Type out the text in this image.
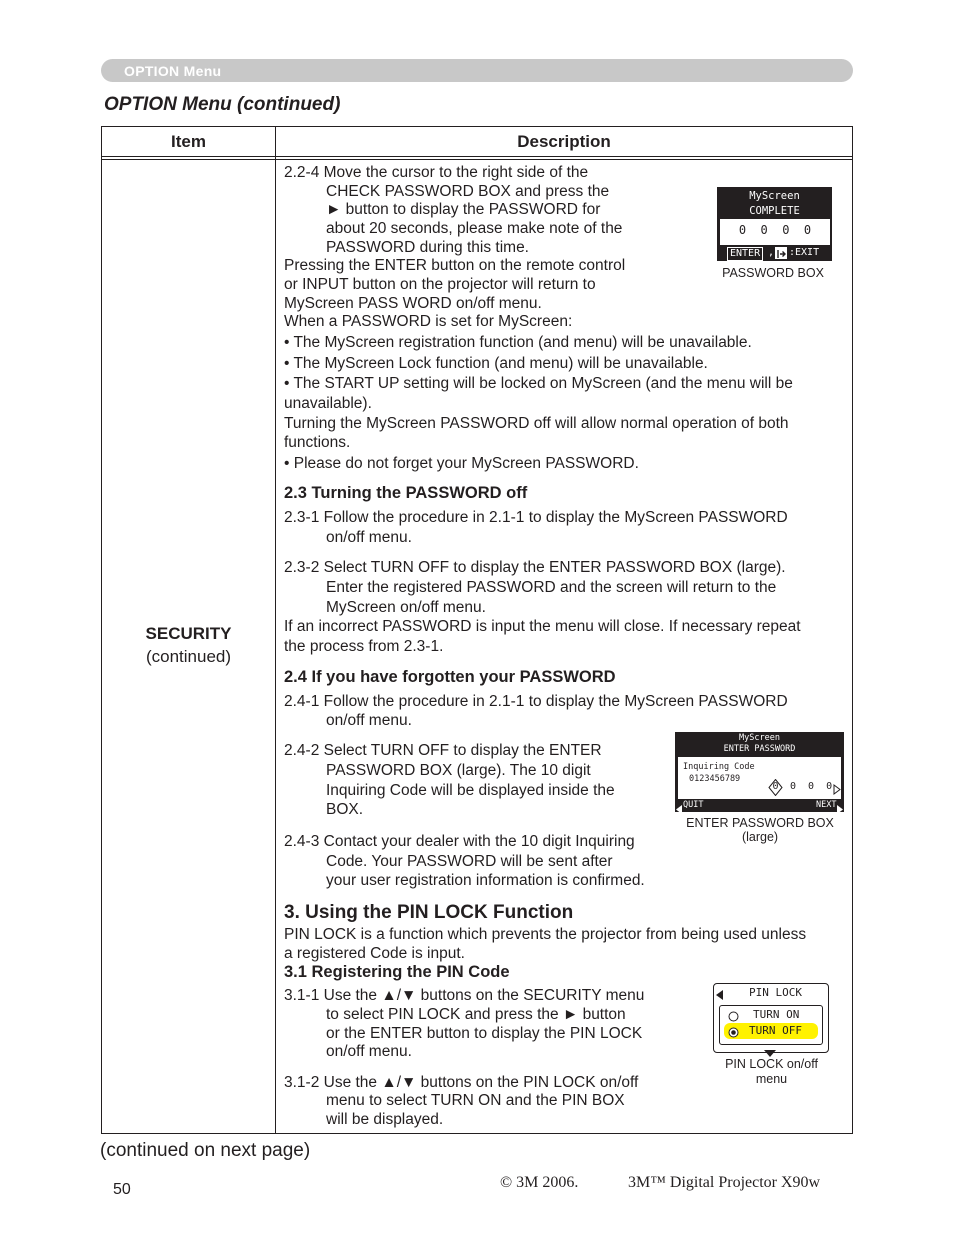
OPTION Menu
OPTION Menu (continued)
Item	Description
SECURITY
(continued)
2.2-4 Move the cursor to the right side of the
CHECK PASSWORD BOX and press the
► button to display the PASSWORD for
about 20 seconds, please make note of the
PASSWORD during this time.
Pressing the ENTER button on the remote control
or INPUT button on the projector will return to
MyScreen PASS WORD on/off menu.
When a PASSWORD is set for MyScreen:
• The MyScreen registration function (and menu) will be unavailable.
• The MyScreen Lock function (and menu) will be unavailable.
• The START UP setting will be locked on MyScreen (and the menu will be
unavailable).
Turning the MyScreen PASSWORD off will allow normal operation of both
functions.
• Please do not forget your MyScreen PASSWORD.
2.3 Turning the PASSWORD off
2.3-1 Follow the procedure in 2.1-1 to display the MyScreen PASSWORD
on/off menu.
2.3-2 Select TURN OFF to display the ENTER PASSWORD BOX (large).
Enter the registered PASSWORD and the screen will return to the
MyScreen on/off menu.
If an incorrect PASSWORD is input the menu will close. If necessary repeat
the process from 2.3-1.
2.4 If you have forgotten your PASSWORD
2.4-1 Follow the procedure in 2.1-1 to display the MyScreen PASSWORD
on/off menu.
2.4-2 Select TURN OFF to display the ENTER
PASSWORD BOX (large). The 10 digit
Inquiring Code will be displayed inside the
BOX.
2.4-3 Contact your dealer with the 10 digit Inquiring
Code. Your PASSWORD will be sent after
your user registration information is confirmed.
3. Using the PIN LOCK Function
PIN LOCK is a function which prevents the projector from being used unless
a registered Code is input.
3.1 Registering the PIN Code
3.1-1 Use the ▲/▼ buttons on the SECURITY menu
to select PIN LOCK and press the ► button
or the ENTER button to display the PIN LOCK
on/off menu.
3.1-2 Use the ▲/▼ buttons on the PIN LOCK on/off
menu to select TURN ON and the PIN BOX
will be displayed.
MyScreen
COMPLETE
0  0  0  0
ENTER , :EXIT
PASSWORD BOX
MyScreen
ENTER PASSWORD
Inquiring Code
0123456789
0	0  0  0
QUIT	NEXT
ENTER PASSWORD BOX
(large)
PIN LOCK
TURN ON
TURN OFF
PIN LOCK on/off
menu
(continued on next page)
50	© 3M 2006.	3M™ Digital Projector X90w
